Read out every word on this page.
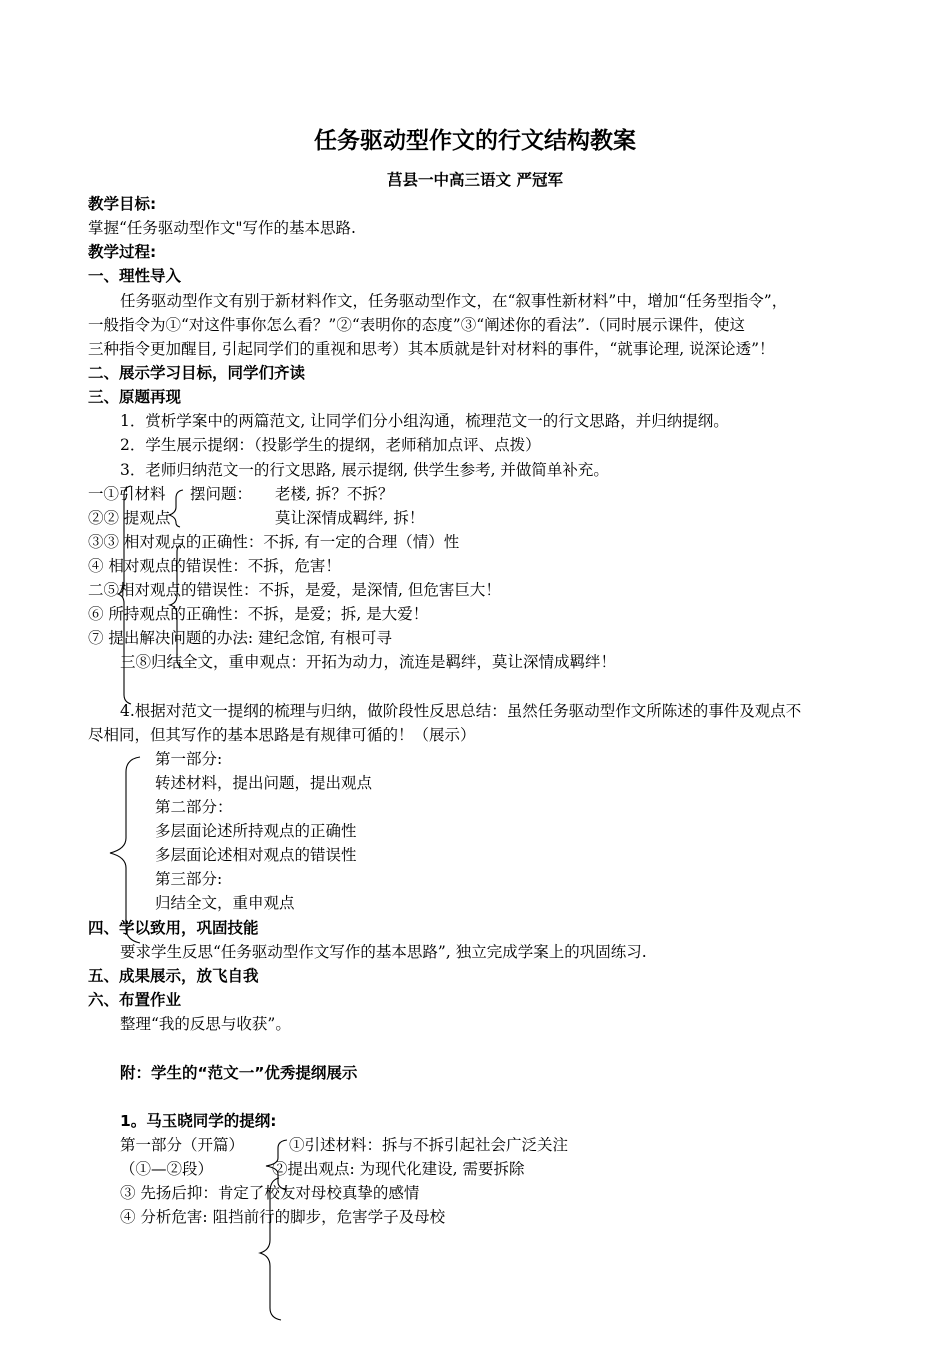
任务驱动型作文的行文结构教案
莒县一中高三语文 严冠军
教学目标:
掌握“任务驱动型作文"写作的基本思路.
教学过程:
一、理性导入
任务驱动型作文有别于新材料作文，任务驱动型作文，在“叙事性新材料”中，增加“任务型指令”，
一般指令为①“对这件事你怎么看？”②“表明你的态度”③“阐述你的看法”.（同时展示课件，使这
三种指令更加醒目, 引起同学们的重视和思考）其本质就是针对材料的事件，“就事论理, 说深论透”！
二、展示学习目标，同学们齐读
三、原题再现
1．赏析学案中的两篇范文, 让同学们分小组沟通，梳理范文一的行文思路，并归纳提纲。
2．学生展示提纲：（投影学生的提纲，老师稍加点评、点拨）
3．老师归纳范文一的行文思路, 展示提纲, 供学生参考, 并做简单补充。
一①引材料 摆问题： 老楼, 拆？不拆？
②② 提观点	莫让深情成羁绊, 拆！
③③ 相对观点的正确性：不拆, 有一定的合理（情）性
④ 相对观点的错误性：不拆，危害！
二⑤相对观点的错误性：不拆，是爱，是深情, 但危害巨大！
⑥ 所持观点的正确性：不拆，是爱；拆, 是大爱！
⑦ 提出解决问题的办法: 建纪念馆, 有根可寻
三⑧归结全文，重申观点：开拓为动力，流连是羁绊，莫让深情成羁绊！
4.根据对范文一提纲的梳理与归纳，做阶段性反思总结：虽然任务驱动型作文所陈述的事件及观点不
尽相同，但其写作的基本思路是有规律可循的！（展示）
第一部分:
转述材料，提出问题，提出观点
第二部分：
多层面论述所持观点的正确性
多层面论述相对观点的错误性
第三部分:
归结全文，重申观点
四、学以致用，巩固技能
要求学生反思“任务驱动型作文写作的基本思路”, 独立完成学案上的巩固练习.
五、成果展示，放飞自我
六、布置作业
整理“我的反思与收获”。
附：学生的“范文一”优秀提纲展示
1。马玉晓同学的提纲:
第一部分（开篇）
（①—②段）
①引述材料：拆与不拆引起社会广泛关注
②提出观点: 为现代化建设, 需要拆除
③ 先扬后抑：肯定了校友对母校真挚的感情
④ 分析危害: 阻挡前行的脚步，危害学子及母校
